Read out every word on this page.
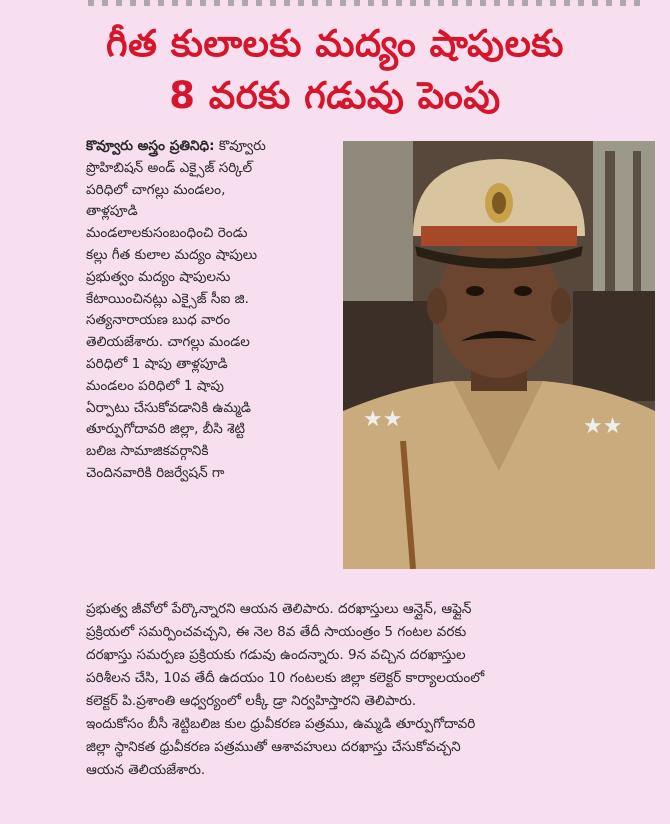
గీత కులాలకు మద్యం షాపులకు
8 వరకు గడువు పెంపు
★★	★★

కొవ్వూరు అస్త్రం ప్రతినిధి: కొవ్వూరు

ప్రొహిబిషన్ అండ్ ఎక్సైజ్ సర్కిల్

పరిధిలో చాగల్లు మండలం,

తాళ్లపూడి

మండలాలకుసంబంధించి రెండు

కల్లు గీత కులాల మద్యం షాపులు

ప్రభుత్వం మద్యం షాపులను

కేటాయించినట్లు ఎక్సైజ్ సీఐ జి.

సత్యనారాయణ బుధ వారం

తెలియజేశారు. చాగల్లు మండల

పరిధిలో 1 షాపు తాళ్లపూడి

మండలం పరిధిలో 1 షాపు

ఏర్పాటు చేసుకోవడానికి ఉమ్మడి

తూర్పుగోదావరి జిల్లా, బీసి శెట్టి

బలిజ సామాజికవర్గానికి

చెందినవారికి రిజర్వేషన్ గా

ప్రభుత్వ జీవోలో పేర్కొన్నారని ఆయన తెలిపారు. దరఖాస్తులు ఆన్లైన్, ఆఫ్లైన్

ప్రక్రియలో సమర్పించవచ్చని, ఈ నెల 8వ తేదీ సాయంత్రం 5 గంటల వరకు

దరఖాస్తు సమర్పణ ప్రక్రియకు గడువు ఉందన్నారు. 9న వచ్చిన దరఖాస్తుల

పరిశీలన చేసి, 10వ తేదీ ఉదయం 10 గంటలకు జిల్లా కలెక్టర్ కార్యాలయంలో

కలెక్టర్ పి.ప్రశాంతి ఆధ్వర్యంలో లక్కీ డ్రా నిర్వహిస్తారని తెలిపారు.

ఇందుకోసం బీసీ శెట్టిబలిజ కుల ధ్రువీకరణ పత్రము, ఉమ్మడి తూర్పుగోదావరి

జిల్లా స్థానికత ధ్రువీకరణ పత్రముతో ఆశావహులు దరఖాస్తు చేసుకోవచ్చని

ఆయన తెలియజేశారు.
